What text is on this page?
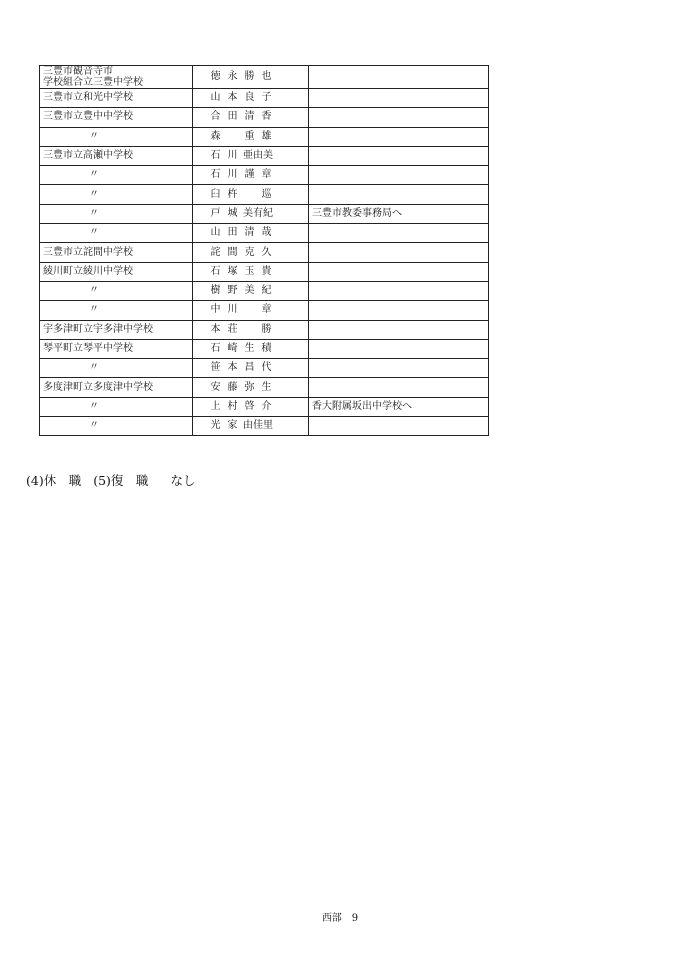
三豊市観音寺市
学校組合立三豊中学校	徳 永 勝 也	
三豊市立和光中学校	山 本 良 子	
三豊市立豊中中学校	合 田 清 香	
〃	森 重 雄	
三豊市立高瀬中学校	石 川 亜由美	
〃	石 川 謹 章	
〃	臼 杵 巡	
〃	戸 城 美有紀	三豊市教委事務局へ
〃	山 田 清 哉	
三豊市立詫間中学校	詫 間 克 久	
綾川町立綾川中学校	石 塚 玉 貴	
〃	樹 野 美 紀	
〃	中 川 章	
宇多津町立宇多津中学校	本 荘 勝	
琴平町立琴平中学校	石 崎 生 積	
〃	笹 本 昌 代	
多度津町立多度津中学校	安 藤 弥 生	
〃	上 村 啓 介	香大附属坂出中学校へ
〃	光 家 由佳里	
(4)休　職 (5)復　職 なし
西部　9
